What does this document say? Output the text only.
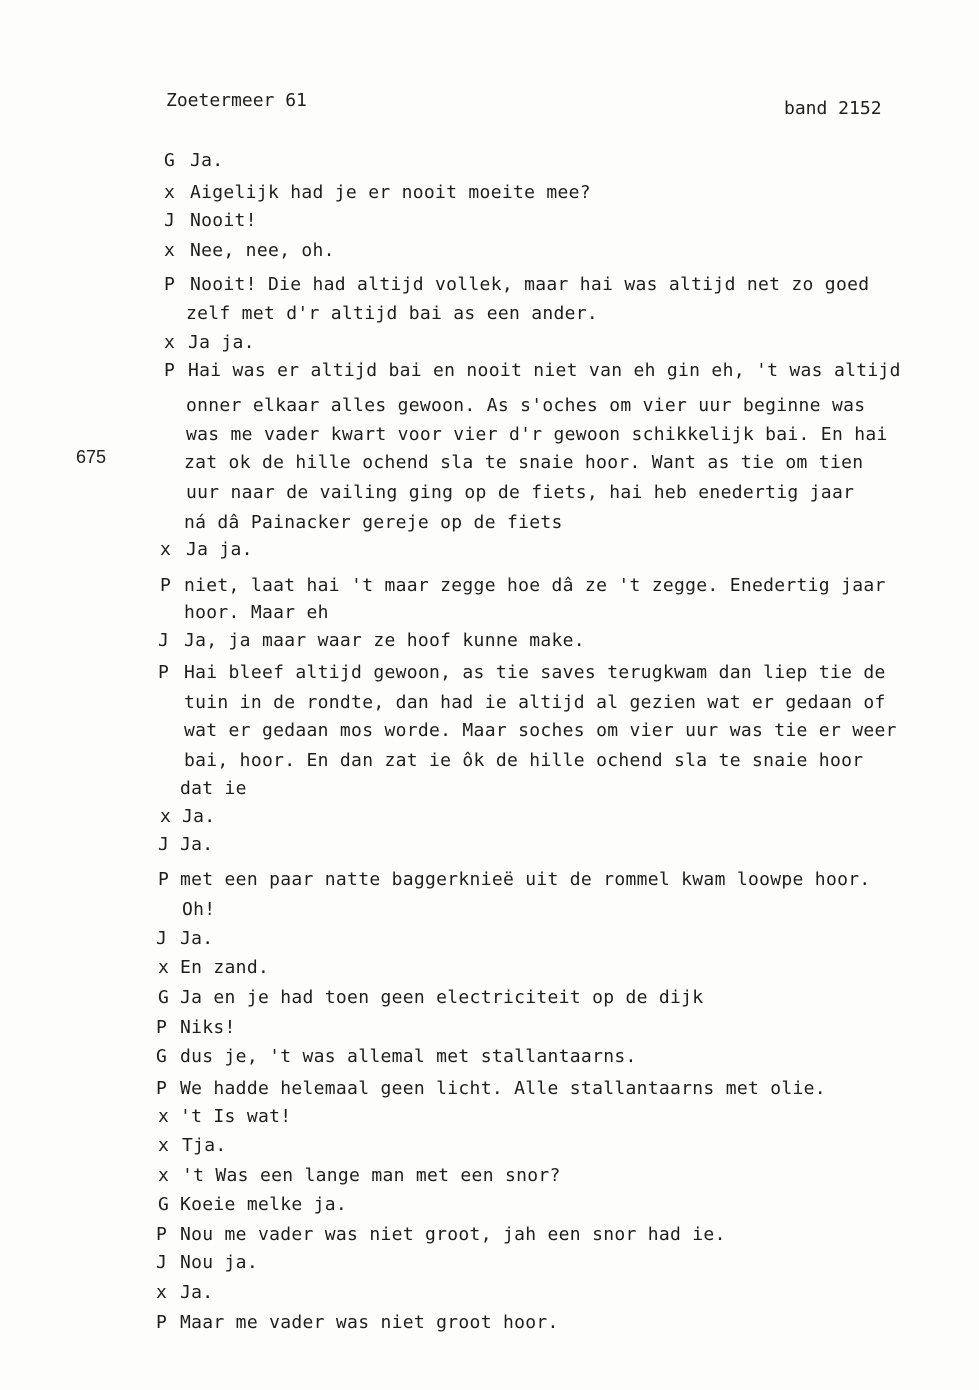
Zoetermeer 61	band 2152
675
G Ja.
x Aigelijk had je er nooit moeite mee?
J Nooit!
x Nee, nee, oh.
P Nooit! Die had altijd vollek, maar hai was altijd net zo goed
zelf met d'r altijd bai as een ander.
x Ja ja.
P Hai was er altijd bai en nooit niet van eh gin eh, 't was altijd
onner elkaar alles gewoon. As s'oches om vier uur beginne was
was me vader kwart voor vier d'r gewoon schikkelijk bai. En hai
zat ok de hille ochend sla te snaie hoor. Want as tie om tien
uur naar de vailing ging op de fiets, hai heb enedertig jaar
ná dâ Painacker gereje op de fiets
x Ja ja.
P niet, laat hai 't maar zegge hoe dâ ze 't zegge. Enedertig jaar
hoor. Maar eh
J Ja, ja maar waar ze hoof kunne make.
P Hai bleef altijd gewoon, as tie saves terugkwam dan liep tie de
tuin in de rondte, dan had ie altijd al gezien wat er gedaan of
wat er gedaan mos worde. Maar soches om vier uur was tie er weer
bai, hoor. En dan zat ie ôk de hille ochend sla te snaie hoor
dat ie
x Ja.
J Ja.
P met een paar natte baggerknieë uit de rommel kwam loowpe hoor.
Oh!
J Ja.
x En zand.
G Ja en je had toen geen electriciteit op de dijk
P Niks!
G dus je, 't was allemal met stallantaarns.
P We hadde helemaal geen licht. Alle stallantaarns met olie.
x 't Is wat!
x Tja.
x 't Was een lange man met een snor?
G Koeie melke ja.
P Nou me vader was niet groot, jah een snor had ie.
J Nou ja.
x Ja.
P Maar me vader was niet groot hoor.
